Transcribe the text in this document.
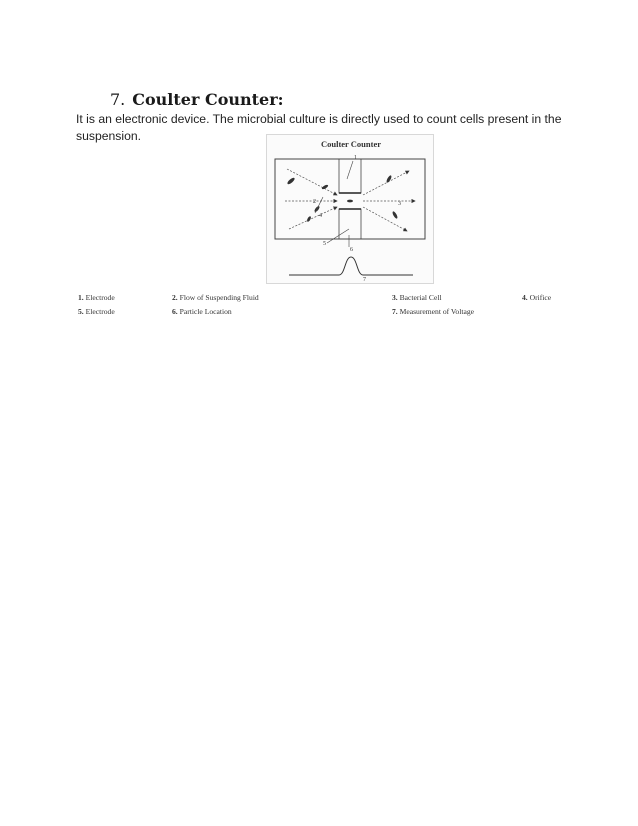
7. Coulter Counter:
It is an electronic device. The microbial culture is directly used to count cells present in the suspension.
Coulter Counter
1
2	3
4
5
6
7
1. Electrode	2. Flow of Suspending Fluid	3. Bacterial Cell	4. Orifice
5. Electrode	6. Particle Location	7. Measurement of Voltage
